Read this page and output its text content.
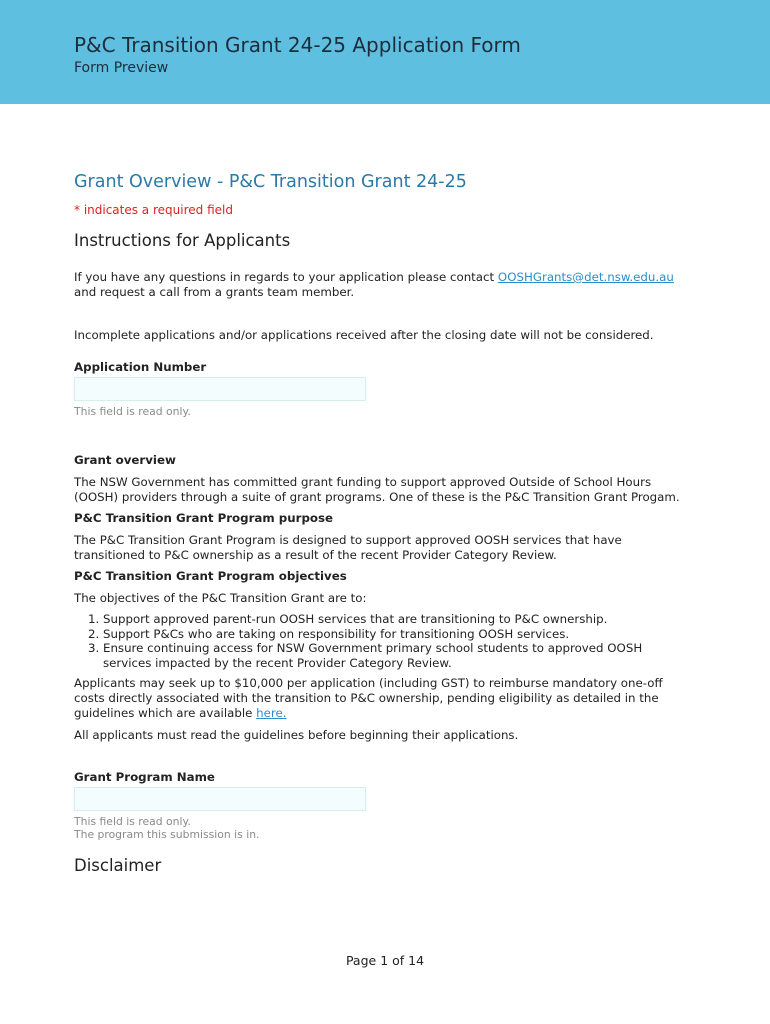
P&C Transition Grant 24-25 Application Form
Form Preview
Grant Overview - P&C Transition Grant 24-25
* indicates a required field
Instructions for Applicants

If you have any questions in regards to your application please contact OOSHGrants@det.nsw.edu.au and request a call from a grants team member.

Incomplete applications and/or applications received after the closing date will not be considered.

Application Number
This field is read only.
Grant overview

The NSW Government has committed grant funding to support approved Outside of School Hours (OOSH) providers through a suite of grant programs. One of these is the P&C Transition Grant Progam.

P&C Transition Grant Program purpose

The P&C Transition Grant Program is designed to support approved OOSH services that have transitioned to P&C ownership as a result of the recent Provider Category Review.

P&C Transition Grant Program objectives

The objectives of the P&C Transition Grant are to:

1. Support approved parent-run OOSH services that are transitioning to P&C ownership.
2. Support P&Cs who are taking on responsibility for transitioning OOSH services.
3. Ensure continuing access for NSW Government primary school students to approved OOSH services impacted by the recent Provider Category Review.

Applicants may seek up to $10,000 per application (including GST) to reimburse mandatory one-off costs directly associated with the transition to P&C ownership, pending eligibility as detailed in the guidelines which are available here.

All applicants must read the guidelines before beginning their applications.

Grant Program Name
This field is read only.
The program this submission is in.
Disclaimer
Page 1 of 14
